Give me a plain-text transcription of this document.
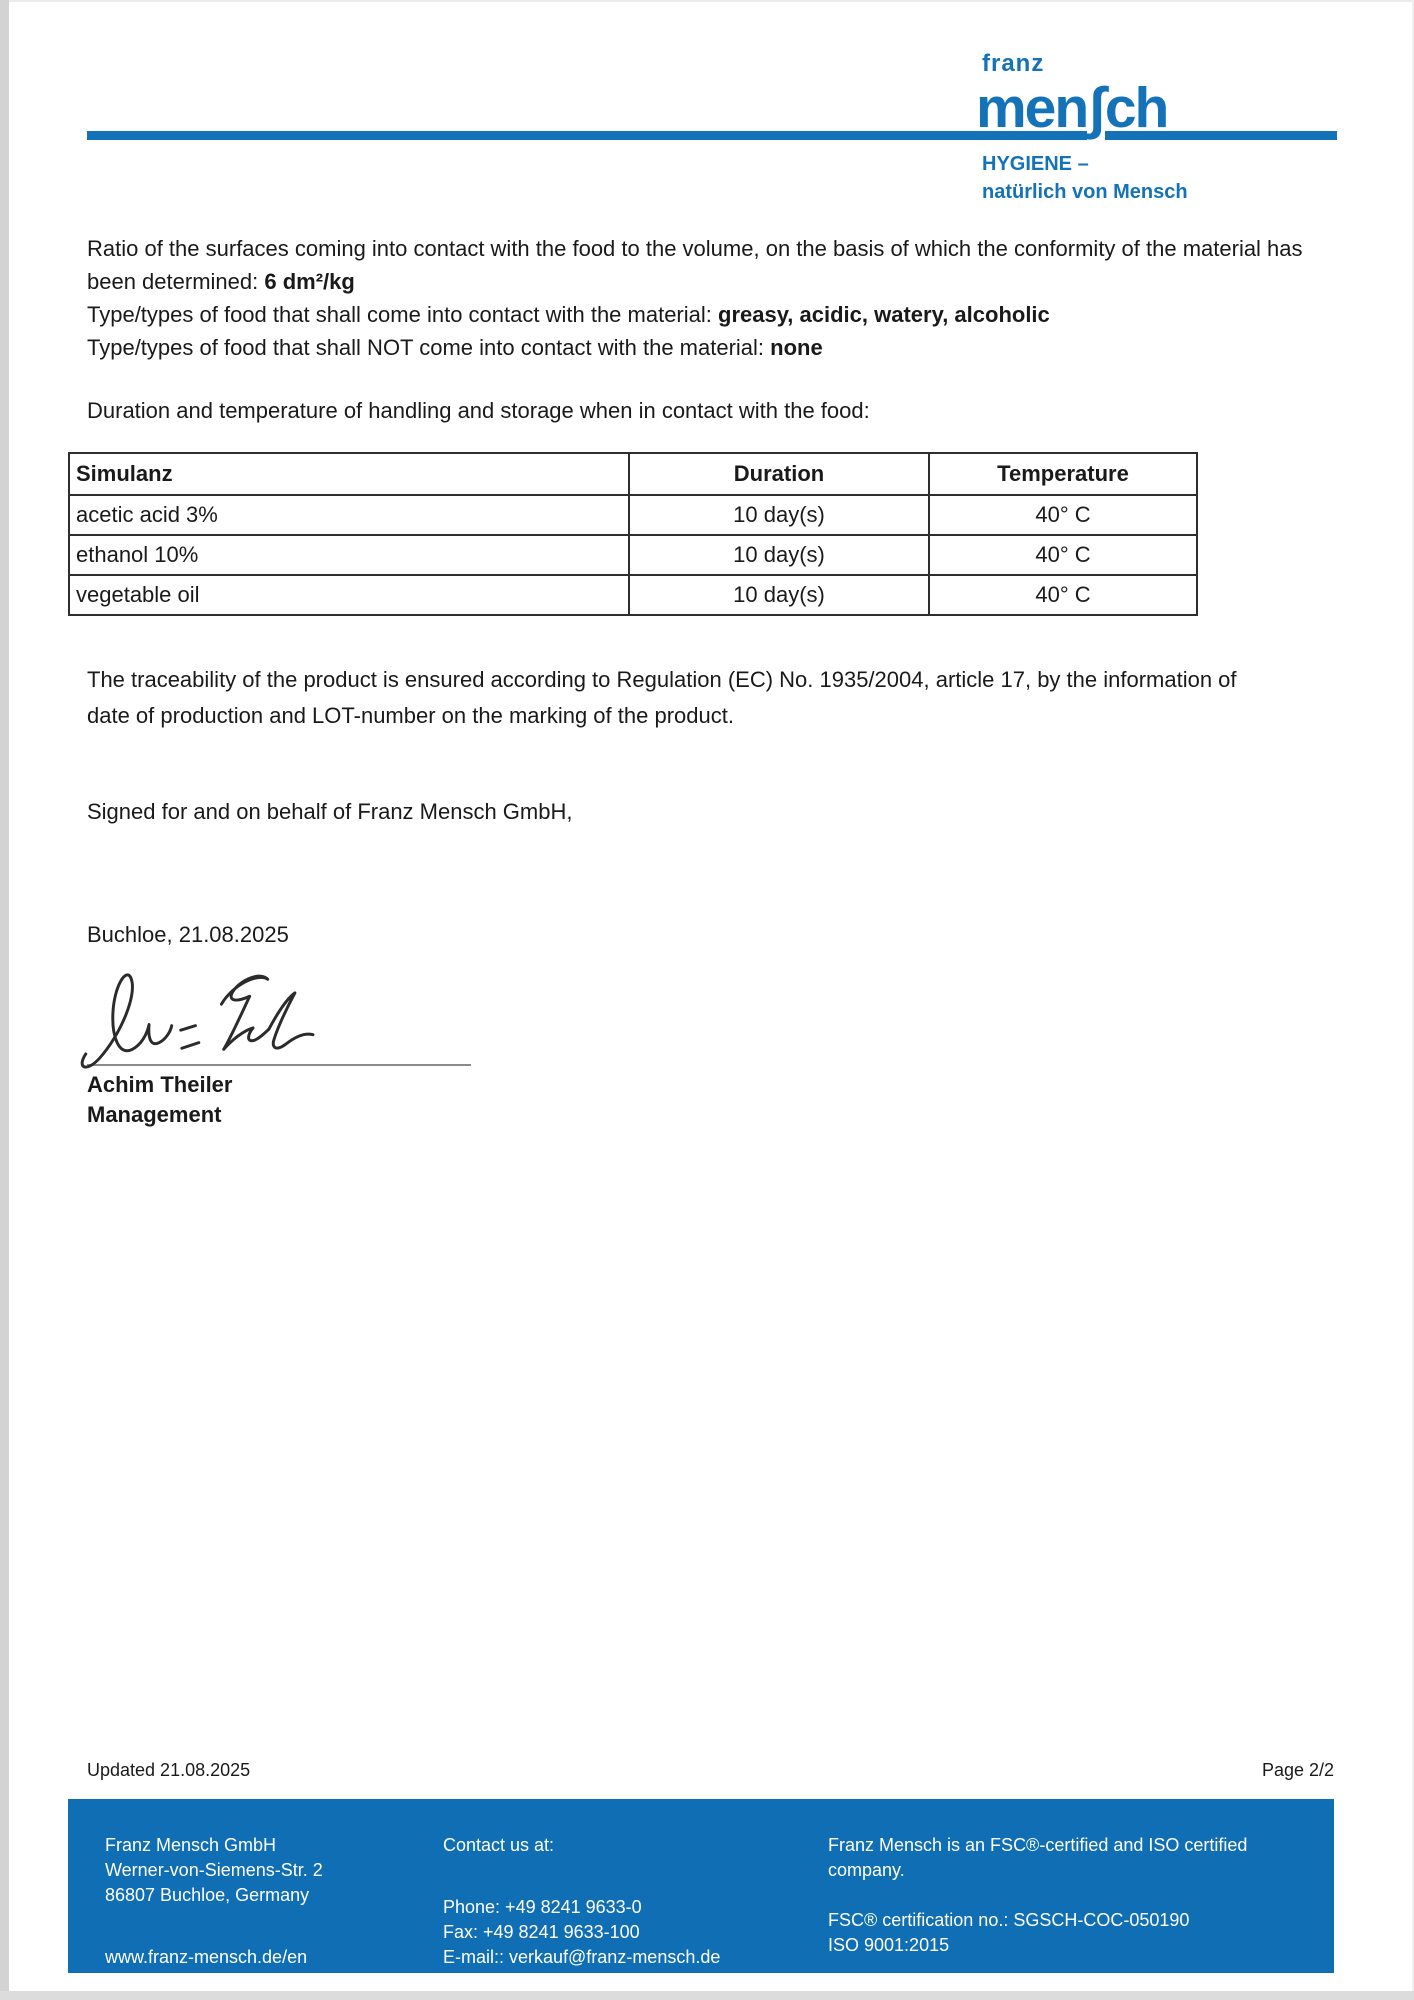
franz
men∫ch
HYGIENE –
natürlich von Mensch
Ratio of the surfaces coming into contact with the food to the volume, on the basis of which the conformity of the material has been determined: 6 dm²/kg
Type/types of food that shall come into contact with the material: greasy, acidic, watery, alcoholic
Type/types of food that shall NOT come into contact with the material: none
Duration and temperature of handling and storage when in contact with the food:
Simulanz	Duration	Temperature
acetic acid 3%	10 day(s)	40° C
ethanol 10%	10 day(s)	40° C
vegetable oil	10 day(s)	40° C
The traceability of the product is ensured according to Regulation (EC) No. 1935/2004, article 17, by the information of date of production and LOT-number on the marking of the product.
Signed for and on behalf of Franz Mensch GmbH,
Buchloe, 21.08.2025
Achim Theiler
Management
Updated 21.08.2025	Page 2/2
Franz Mensch GmbH
Werner-von-Siemens-Str. 2
86807 Buchloe, Germany
www.franz-mensch.de/en
Contact us at:
Phone: +49 8241 9633-0
Fax: +49 8241 9633-100
E-mail:: verkauf@franz-mensch.de
Franz Mensch is an FSC®-certified and ISO certified
company.
FSC® certification no.: SGSCH-COC-050190
ISO 9001:2015
